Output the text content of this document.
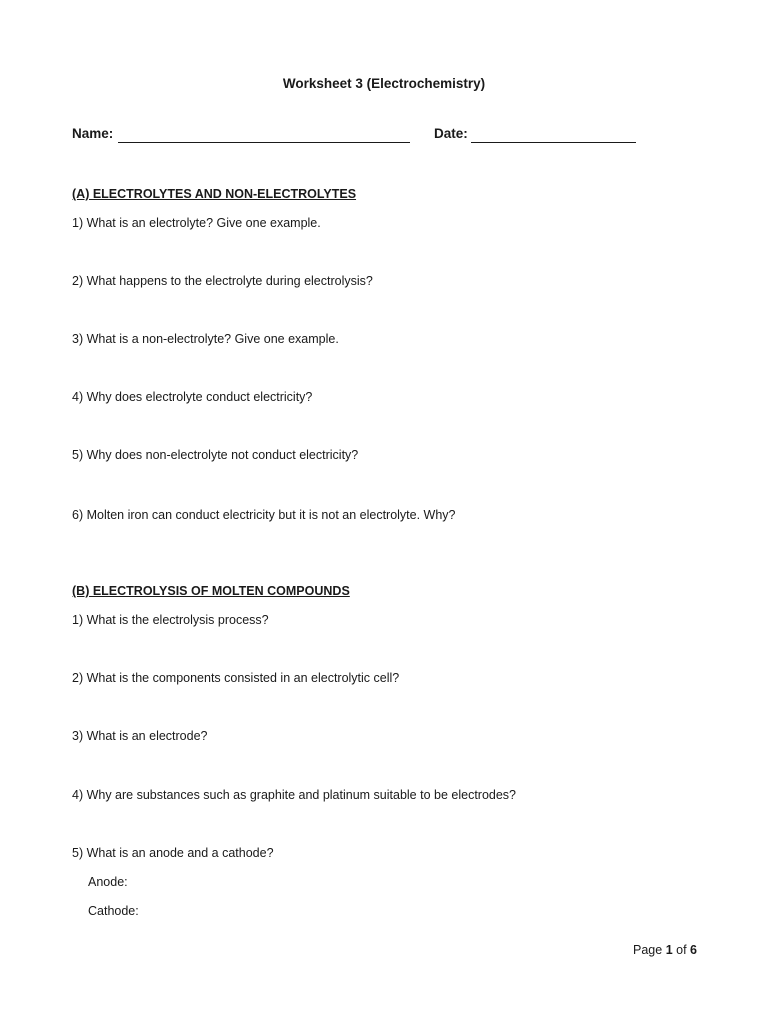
Worksheet 3 (Electrochemistry)
Name:	Date:
(A) ELECTROLYTES AND NON-ELECTROLYTES
1) What is an electrolyte? Give one example.
2) What happens to the electrolyte during electrolysis?
3) What is a non-electrolyte? Give one example.
4) Why does electrolyte conduct electricity?
5) Why does non-electrolyte not conduct electricity?
6) Molten iron can conduct electricity but it is not an electrolyte. Why?
(B) ELECTROLYSIS OF MOLTEN COMPOUNDS
1) What is the electrolysis process?
2) What is the components consisted in an electrolytic cell?
3) What is an electrode?
4) Why are substances such as graphite and platinum suitable to be electrodes?
5) What is an anode and a cathode?
Anode:
Cathode:
Page 1 of 6
